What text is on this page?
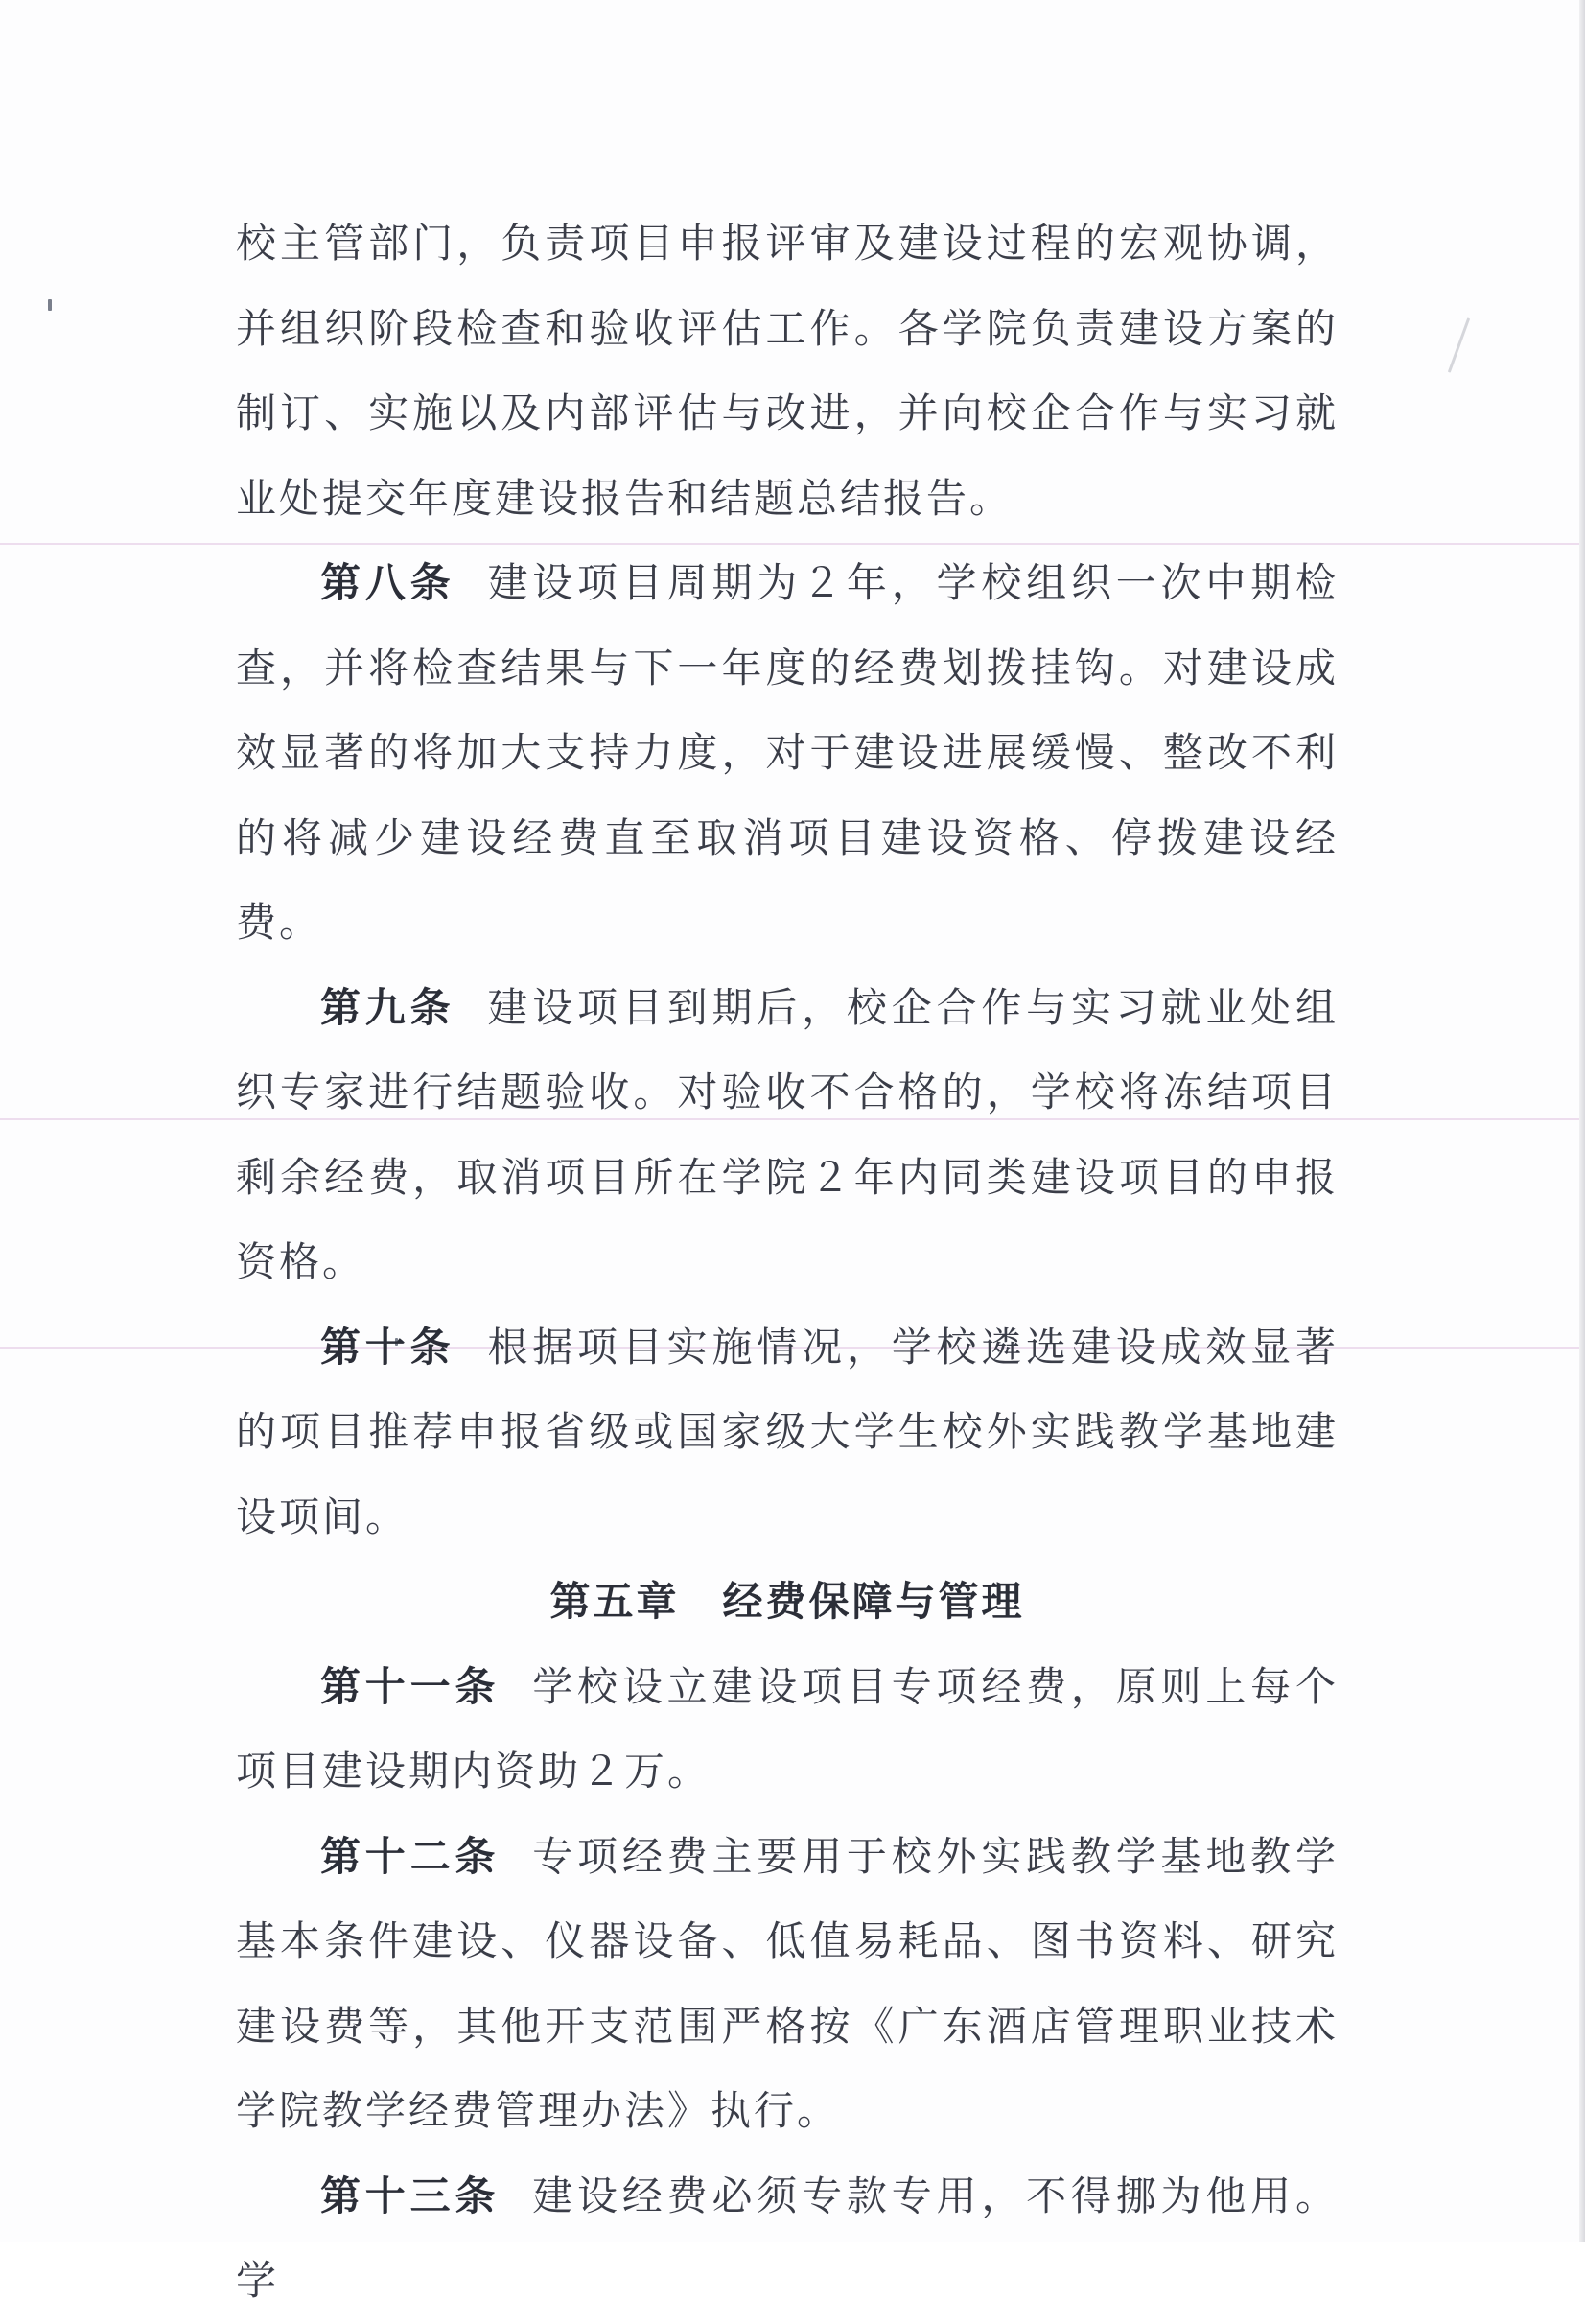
校主管部门，负责项目申报评审及建设过程的宏观协调，并组织阶段检查和验收评估工作。各学院负责建设方案的制订、实施以及内部评估与改进，并向校企合作与实习就业处提交年度建设报告和结题总结报告。

第八条 建设项目周期为２年，学校组织一次中期检查，并将检查结果与下一年度的经费划拨挂钩。对建设成效显著的将加大支持力度，对于建设进展缓慢、整改不利的将减少建设经费直至取消项目建设资格、停拨建设经费。

第九条 建设项目到期后，校企合作与实习就业处组织专家进行结题验收。对验收不合格的，学校将冻结项目剩余经费，取消项目所在学院２年内同类建设项目的申报资格。

第十条 根据项目实施情况，学校遴选建设成效显著的项目推荐申报省级或国家级大学生校外实践教学基地建设项间。

第五章　经费保障与管理

第十一条 学校设立建设项目专项经费，原则上每个项目建设期内资助２万。

第十二条 专项经费主要用于校外实践教学基地教学基本条件建设、仪器设备、低值易耗品、图书资料、研究建设费等，其他开支范围严格按《广东酒店管理职业技术学院教学经费管理办法》执行。

第十三条 建设经费必须专款专用，不得挪为他用。学
